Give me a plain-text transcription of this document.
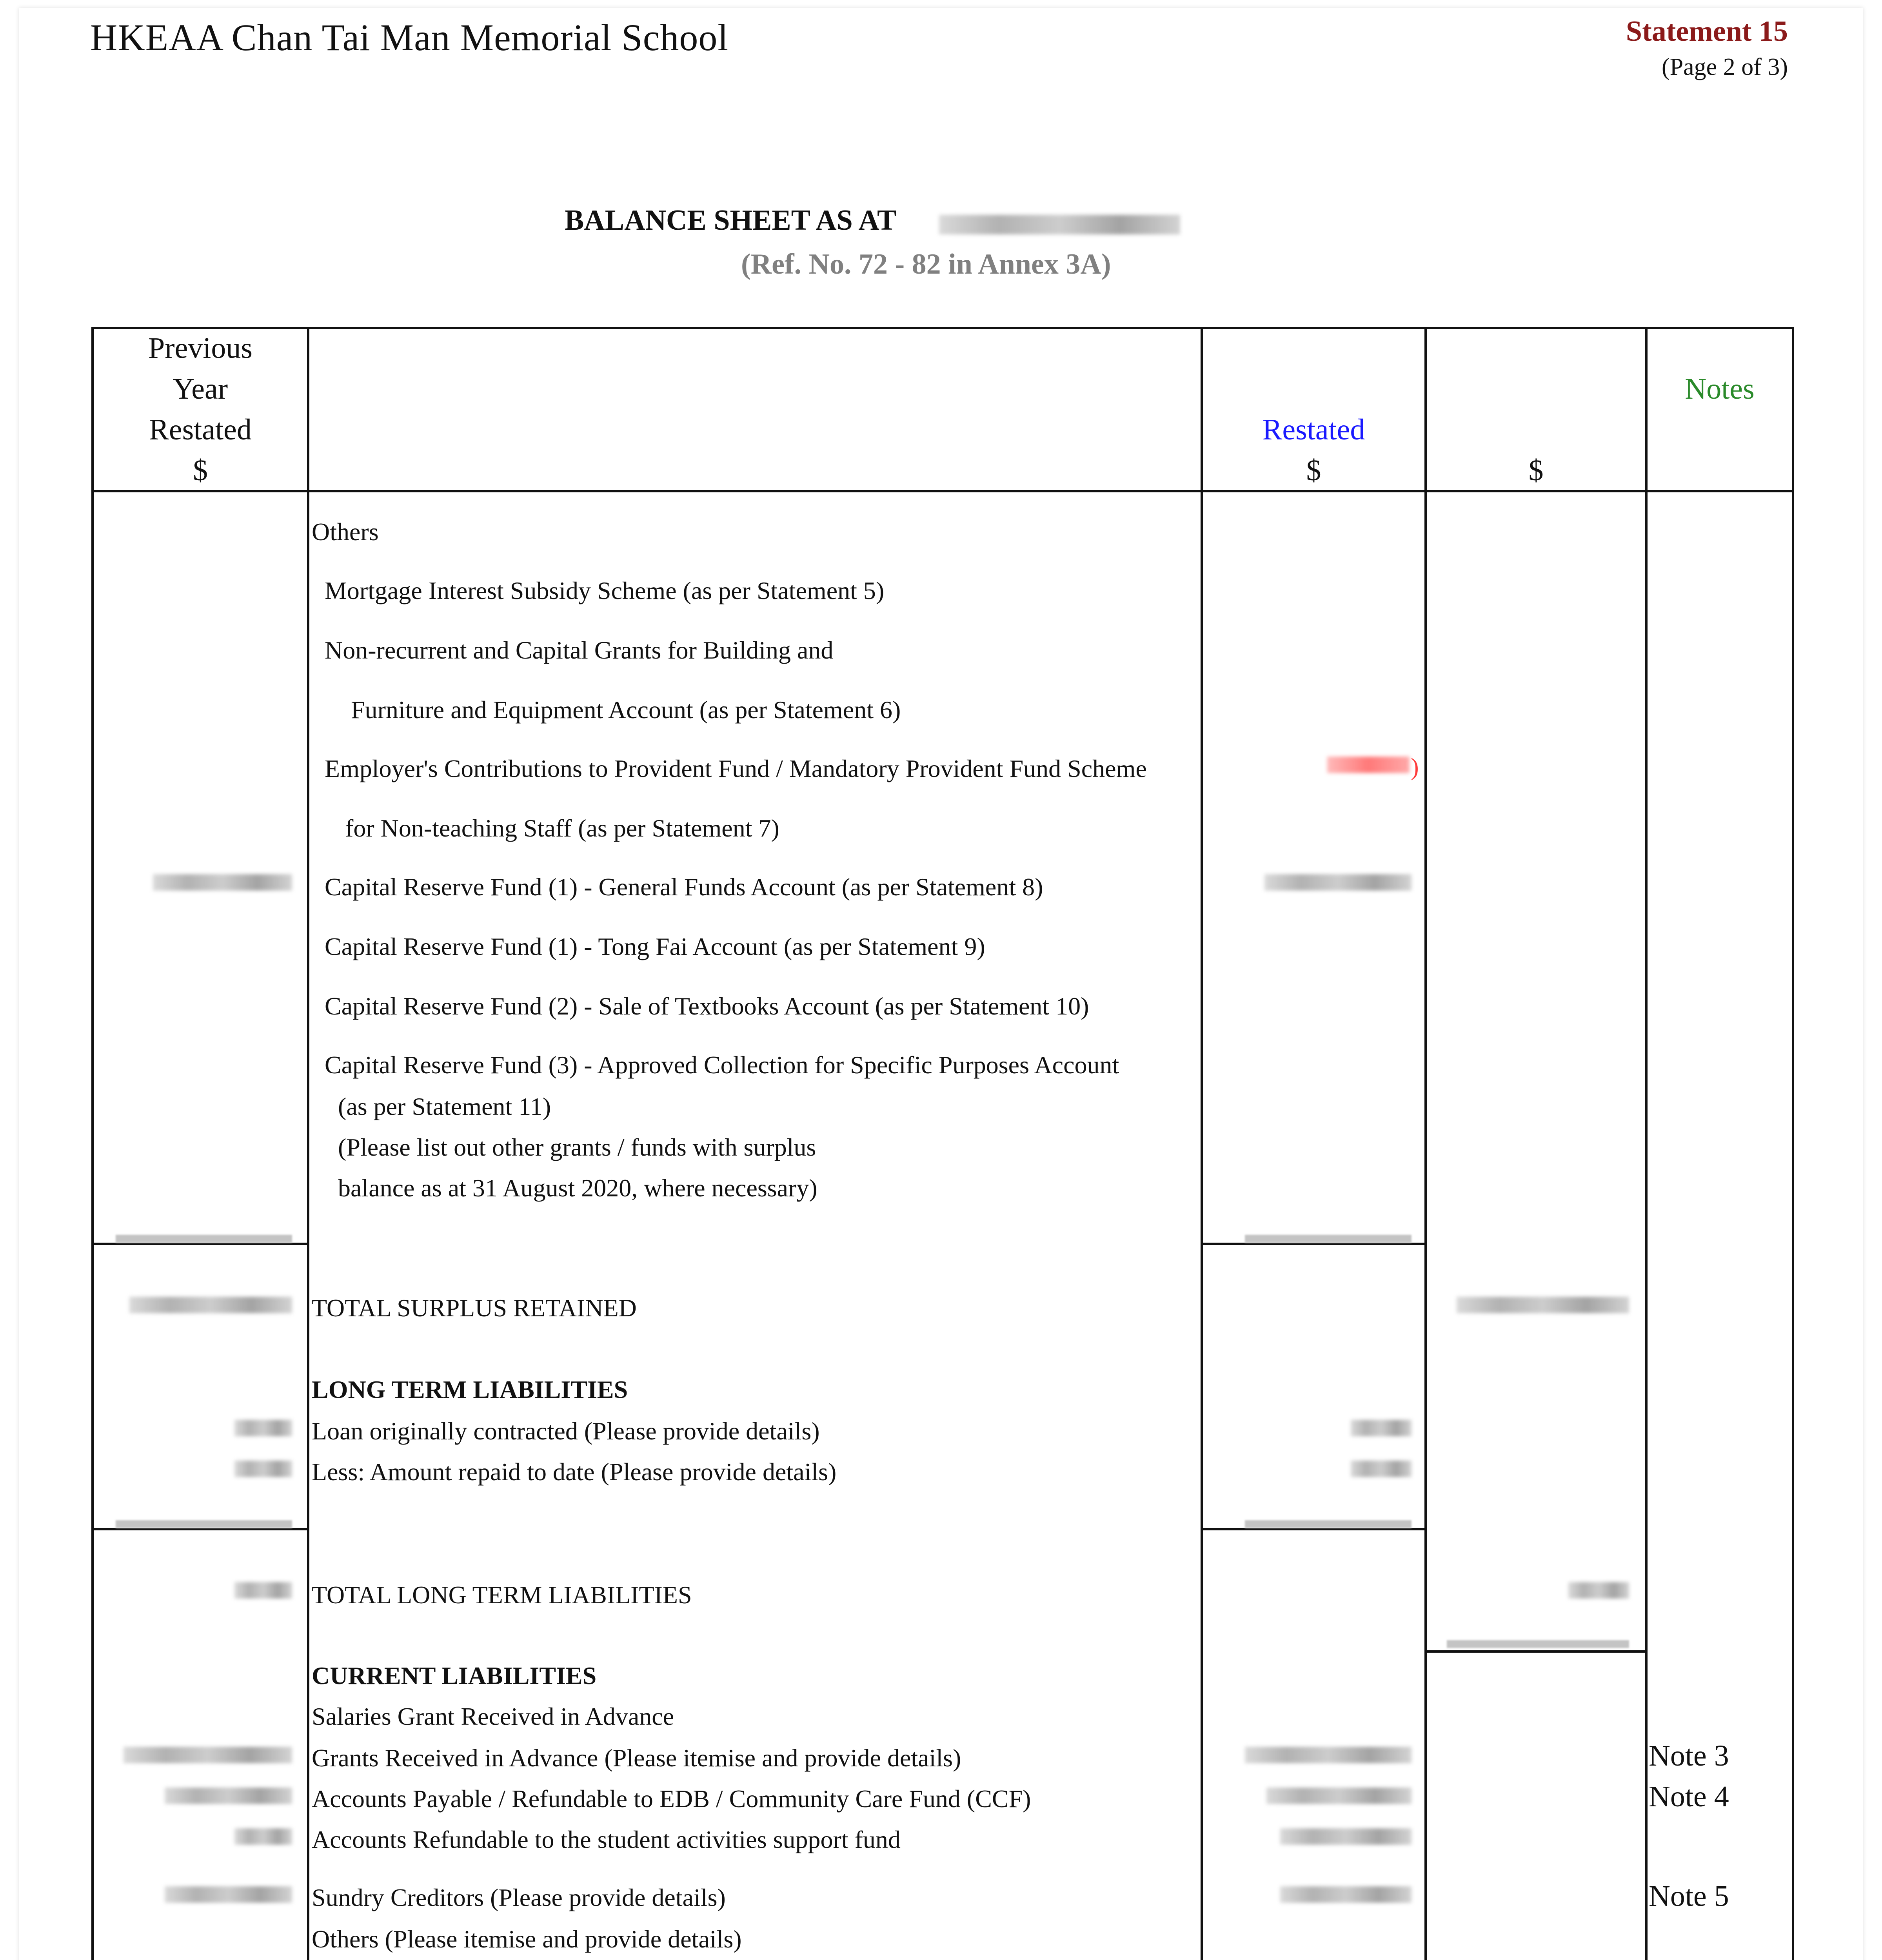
HKEAA Chan Tai Man Memorial School	Statement 15
(Page 2 of 3)
BALANCE SHEET AS AT
(Ref. No. 72 - 82 in Annex 3A)
Previous
Year
Restated
$
Restated
$	$
Notes
Others
Mortgage Interest Subsidy Scheme (as per Statement 5)
Non-recurrent and Capital Grants for Building and
Furniture and Equipment Account (as per Statement 6)
Employer's Contributions to Provident Fund / Mandatory Provident Fund Scheme
for Non-teaching Staff (as per Statement 7)
Capital Reserve Fund (1) - General Funds Account (as per Statement 8)
Capital Reserve Fund (1) - Tong Fai Account (as per Statement 9)
Capital Reserve Fund (2) - Sale of Textbooks Account (as per Statement 10)
Capital Reserve Fund (3) - Approved Collection for Specific Purposes Account
(as per Statement 11)
(Please list out other grants / funds with surplus
balance as at 31 August 2020, where necessary)
TOTAL SURPLUS RETAINED
LONG TERM LIABILITIES
Loan originally contracted (Please provide details)
Less: Amount repaid to date (Please provide details)
TOTAL LONG TERM LIABILITIES
CURRENT LIABILITIES
Salaries Grant Received in Advance
Grants Received in Advance (Please itemise and provide details)
Accounts Payable / Refundable to EDB / Community Care Fund (CCF)
Accounts Refundable to the student activities support fund
Sundry Creditors (Please provide details)
Others (Please itemise and provide details)
Note 3
Note 4
Note 5
)
